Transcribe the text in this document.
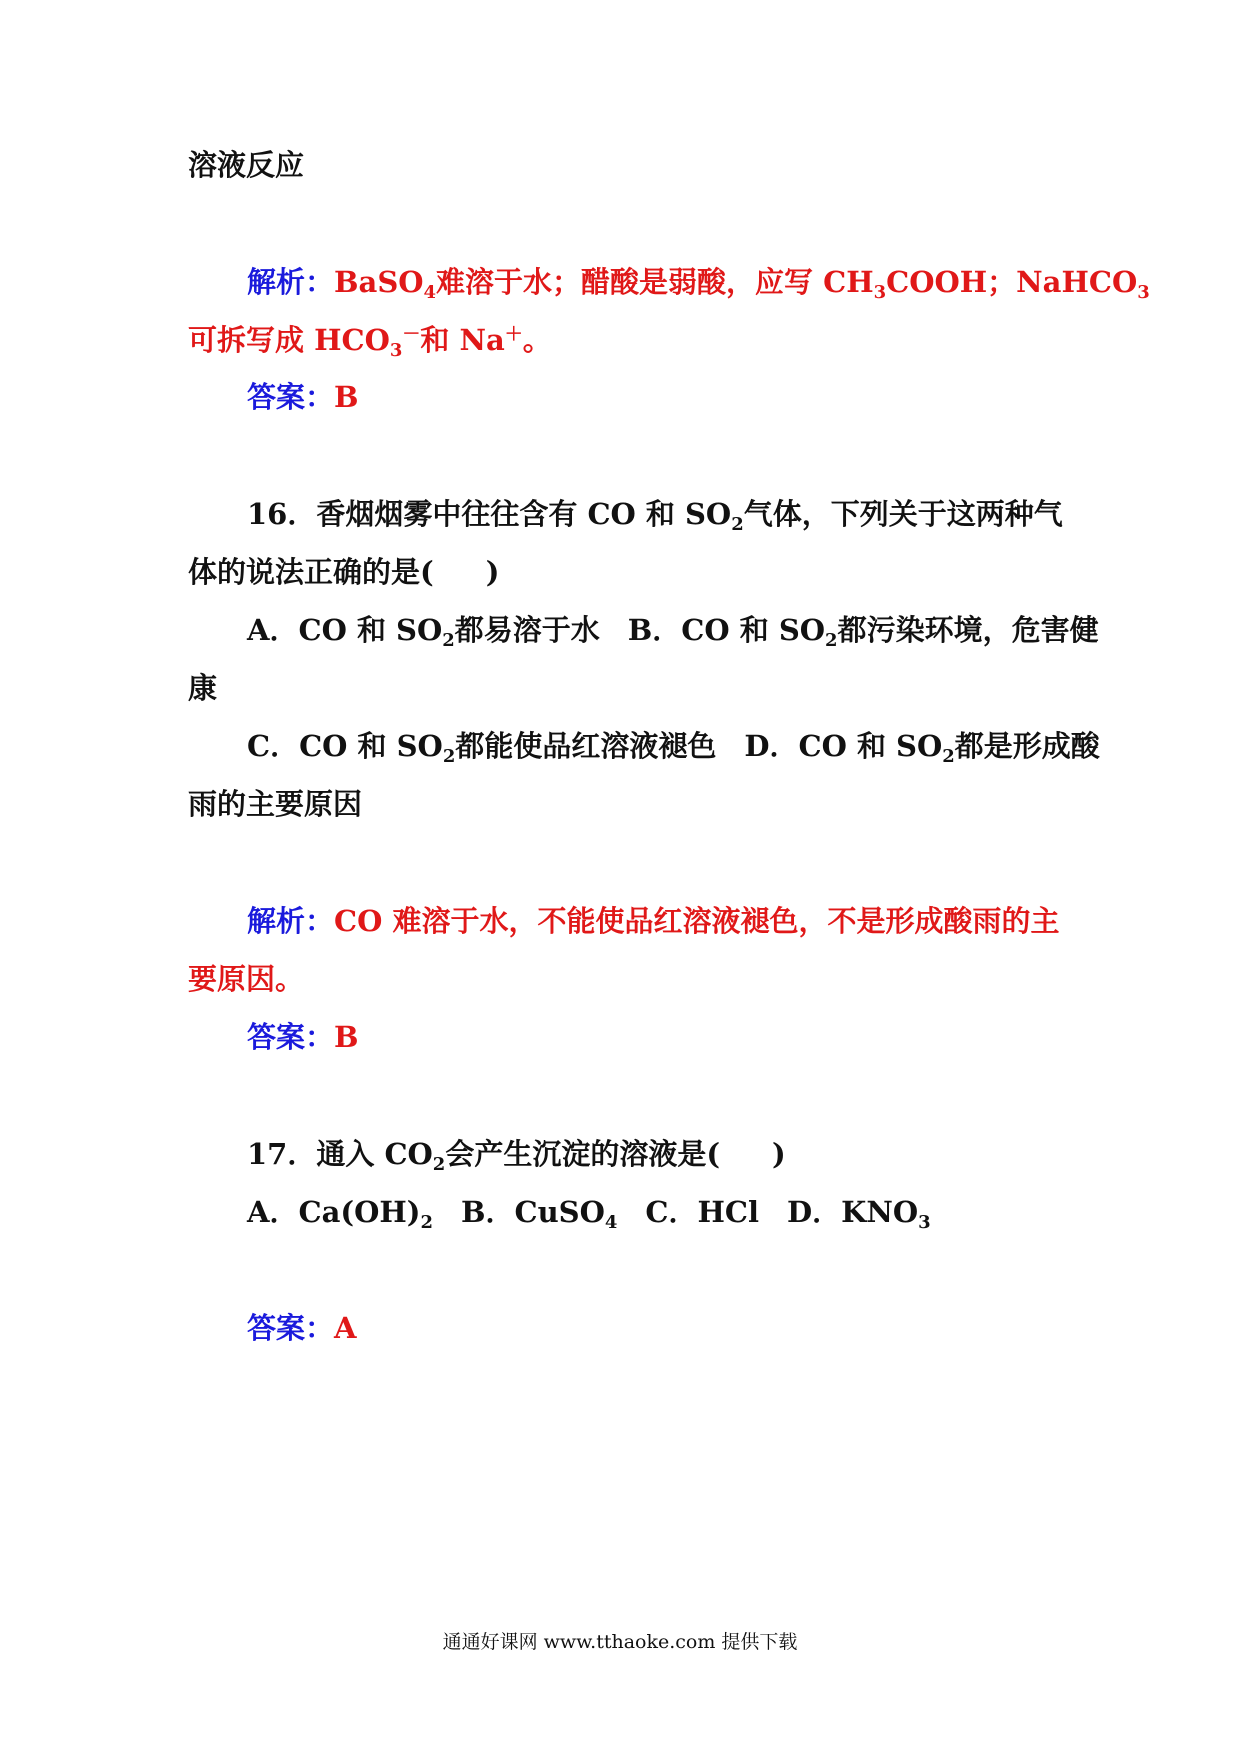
溶液反应
解析：BaSO$_4$难溶于水；醋酸是弱酸，应写 $CH_3COOH$；NaHCO$_3$
可拆写成 $HCO_3^-$和 Na＋。
答案：B
16．香烟烟雾中往往含有 CO 和 $SO_2$气体，下列关于这两种气
体的说法正确的是( )
A．CO 和 $SO_2$都易溶于水 B．CO 和 $SO_2$都污染环境，危害健
康
C．CO 和 $SO_2$都能使品红溶液褪色 D．CO 和 $SO_2$都是形成酸
雨的主要原因
解析：CO 难溶于水，不能使品红溶液褪色，不是形成酸雨的主
要原因。
答案：B
17．通入 $CO_2$会产生沉淀的溶液是( )
A．$Ca(OH)_2$ B．CuSO$_4$ C．HCl D．$KNO_3$
答案：A
通通好课网 www.tthaoke.com 提供下载
